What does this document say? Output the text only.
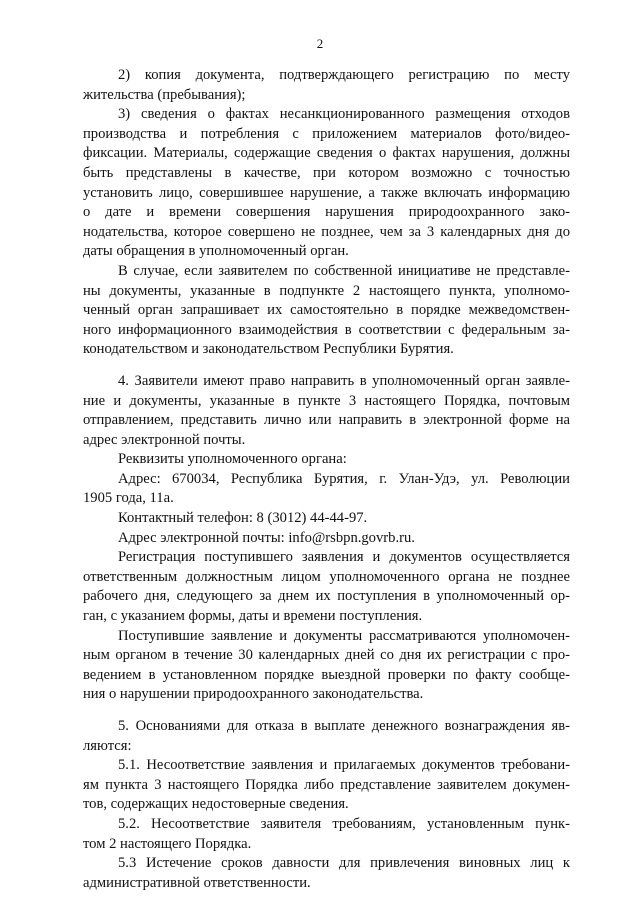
2
2) копия документа, подтверждающего регистрацию по месту
жительства (пребывания);
3) сведения о фактах несанкционированного размещения отходов
производства и потребления с приложением материалов фото/видео-
фиксации. Материалы, содержащие сведения о фактах нарушения, должны
быть представлены в качестве, при котором возможно с точностью
установить лицо, совершившее нарушение, а также включать информацию
о дате и времени совершения нарушения природоохранного зако-
нодательства, которое совершено не позднее, чем за 3 календарных дня до
даты обращения в уполномоченный орган.
В случае, если заявителем по собственной инициативе не представле-
ны документы, указанные в подпункте 2 настоящего пункта, уполномо-
ченный орган запрашивает их самостоятельно в порядке межведомствен-
ного информационного взаимодействия в соответствии с федеральным за-
конодательством и законодательством Республики Бурятия.
4. Заявители имеют право направить в уполномоченный орган заявле-
ние и документы, указанные в пункте 3 настоящего Порядка, почтовым
отправлением, представить лично или направить в электронной форме на
адрес электронной почты.
Реквизиты уполномоченного органа:
Адрес: 670034, Республика Бурятия, г. Улан-Удэ, ул. Революции
1905 года, 11а.
Контактный телефон: 8 (3012) 44-44-97.
Адрес электронной почты: info@rsbpn.govrb.ru.
Регистрация поступившего заявления и документов осуществляется
ответственным должностным лицом уполномоченного органа не позднее
рабочего дня, следующего за днем их поступления в уполномоченный ор-
ган, с указанием формы, даты и времени поступления.
Поступившие заявление и документы рассматриваются уполномочен-
ным органом в течение 30 календарных дней со дня их регистрации с про-
ведением в установленном порядке выездной проверки по факту сообще-
ния о нарушении природоохранного законодательства.
5. Основаниями для отказа в выплате денежного вознаграждения яв-
ляются:
5.1. Несоответствие заявления и прилагаемых документов требовани-
ям пункта 3 настоящего Порядка либо представление заявителем докумен-
тов, содержащих недостоверные сведения.
5.2. Несоответствие заявителя требованиям, установленным пунк-
том 2 настоящего Порядка.
5.3 Истечение сроков давности для привлечения виновных лиц к
административной ответственности.
